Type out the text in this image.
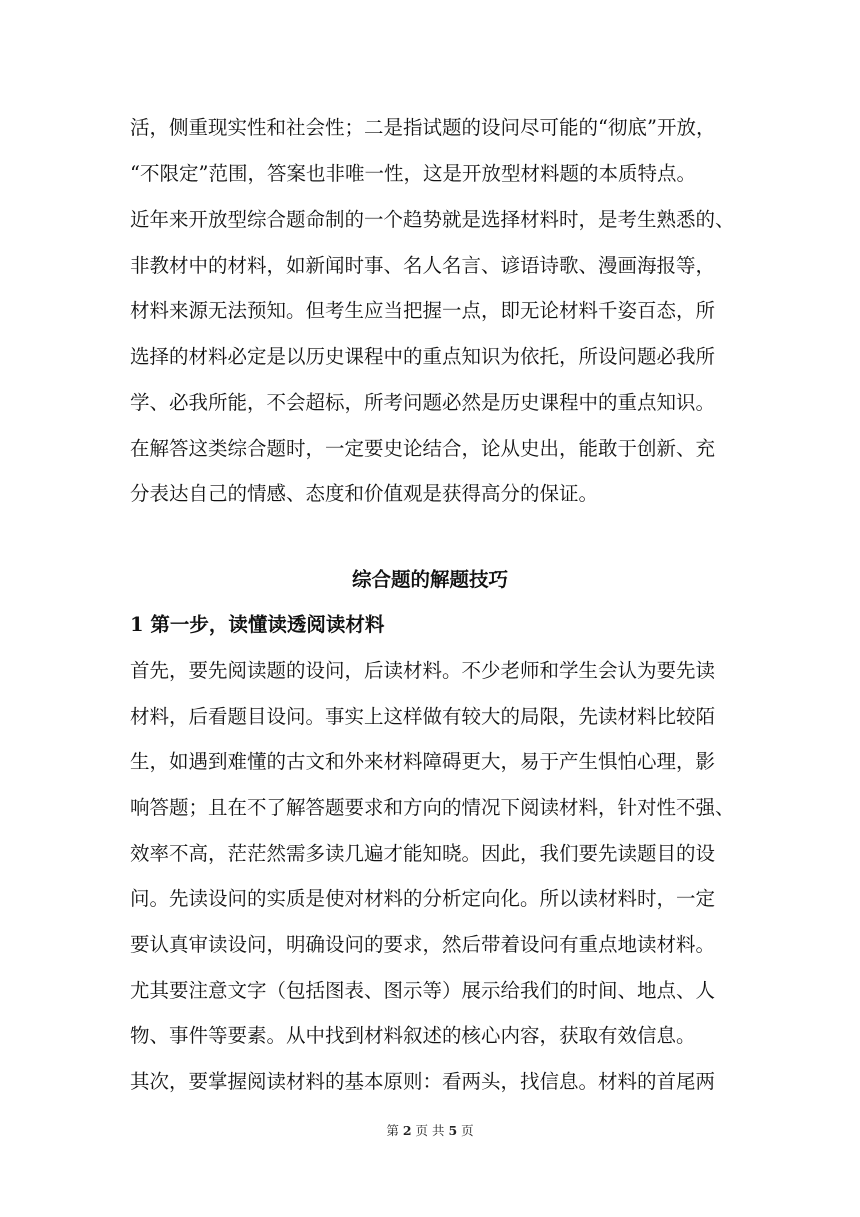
活，侧重现实性和社会性；二是指试题的设问尽可能的“彻底”开放，
“不限定”范围，答案也非唯一性，这是开放型材料题的本质特点。
近年来开放型综合题命制的一个趋势就是选择材料时，是考生熟悉的、
非教材中的材料，如新闻时事、名人名言、谚语诗歌、漫画海报等，
材料来源无法预知。但考生应当把握一点，即无论材料千姿百态，所
选择的材料必定是以历史课程中的重点知识为依托，所设问题必我所
学、必我所能，不会超标，所考问题必然是历史课程中的重点知识。
在解答这类综合题时，一定要史论结合，论从史出，能敢于创新、充
分表达自己的情感、态度和价值观是获得高分的保证。
综合题的解题技巧
1 第一步，读懂读透阅读材料
首先，要先阅读题的设问，后读材料。不少老师和学生会认为要先读
材料，后看题目设问。事实上这样做有较大的局限，先读材料比较陌
生，如遇到难懂的古文和外来材料障碍更大，易于产生惧怕心理，影
响答题；且在不了解答题要求和方向的情况下阅读材料，针对性不强、
效率不高，茫茫然需多读几遍才能知晓。因此，我们要先读题目的设
问。先读设问的实质是使对材料的分析定向化。所以读材料时，一定
要认真审读设问，明确设问的要求，然后带着设问有重点地读材料。
尤其要注意文字（包括图表、图示等）展示给我们的时间、地点、人
物、事件等要素。从中找到材料叙述的核心内容，获取有效信息。
其次，要掌握阅读材料的基本原则：看两头，找信息。材料的首尾两
第 2 页 共 5 页
